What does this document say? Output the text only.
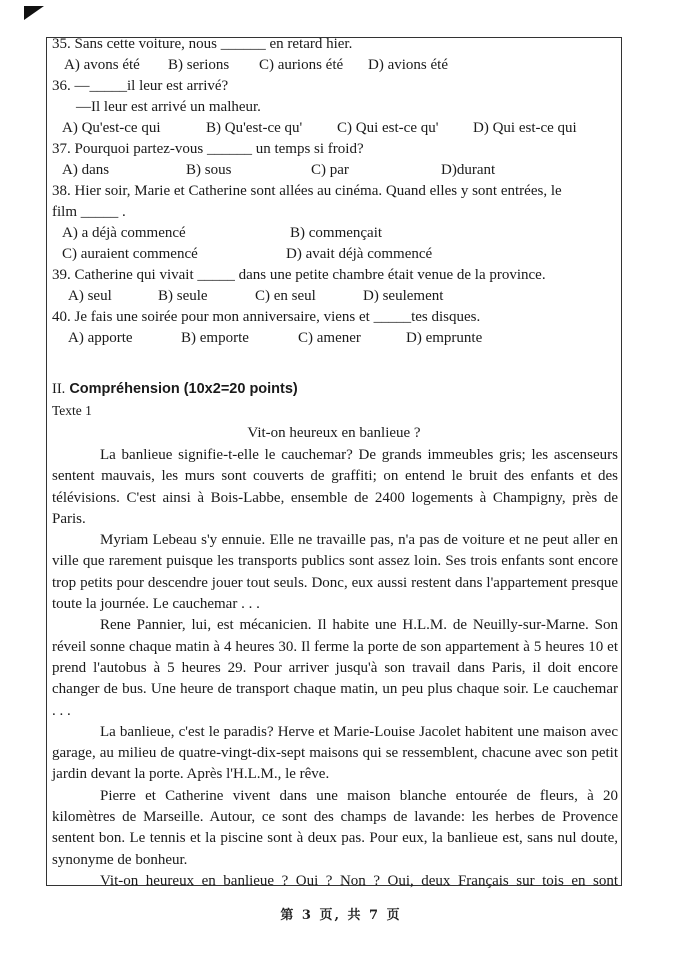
35. Sans cette voiture, nous ______ en retard hier.
A) avons été B) serions C) aurions été D) avions été
36. —_____il leur est arrivé?
—Il leur est arrivé un malheur.
A) Qu'est-ce qui	B) Qu'est-ce qu' C) Qui est-ce qu' D) Qui est-ce qui
37. Pourquoi partez-vous ______ un temps si froid?
A) dans	B) sous	C) par	D)durant
38. Hier soir, Marie et Catherine sont allées au cinéma. Quand elles y sont entrées, le
film _____ .
A) a déjà commencé	B) commençait
C) auraient commencé	D) avait déjà commencé
39. Catherine qui vivait _____ dans une petite chambre était venue de la province.
A) seul	B) seule	C) en seul	D) seulement
40. Je fais une soirée pour mon anniversaire, viens et _____tes disques.
A) apporte	B) emporte	C) amener	D) emprunte
II. Compréhension (10x2=20 points)
Texte 1
Vit-on heureux en banlieue ?

La banlieue signifie-t-elle le cauchemar? De grands immeubles gris; les ascenseurs sentent mauvais, les murs sont couverts de graffiti; on entend le bruit des enfants et des télévisions. C'est ainsi à Bois-Labbe, ensemble de 2400 logements à Champigny, près de Paris.

Myriam Lebeau s'y ennuie. Elle ne travaille pas, n'a pas de voiture et ne peut aller en ville que rarement puisque les transports publics sont assez loin. Ses trois enfants sont encore trop petits pour descendre jouer tout seuls. Donc, eux aussi restent dans l'appartement presque toute la journée. Le cauchemar . . .

Rene Pannier, lui, est mécanicien. Il habite une H.L.M. de Neuilly-sur-Marne. Son réveil sonne chaque matin à 4 heures 30. Il ferme la porte de son appartement à 5 heures 10 et prend l'autobus à 5 heures 29. Pour arriver jusqu'à son travail dans Paris, il doit encore changer de bus. Une heure de transport chaque matin, un peu plus chaque soir. Le cauchemar . . .

La banlieue, c'est le paradis? Herve et Marie-Louise Jacolet habitent une maison avec garage, au milieu de quatre-vingt-dix-sept maisons qui se ressemblent, chacune avec son petit jardin devant la porte. Après l'H.L.M., le rêve.

Pierre et Catherine vivent dans une maison blanche entourée de fleurs, à 20 kilomètres de Marseille. Autour, ce sont des champs de lavande: les herbes de Provence sentent bon. Le tennis et la piscine sont à deux pas. Pour eux, la banlieue est, sans nul doute, synonyme de bonheur.

Vit-on heureux en banlieue ? Oui ? Non ? Oui, deux Français sur tois en sont

第 3 页, 共 7 页
